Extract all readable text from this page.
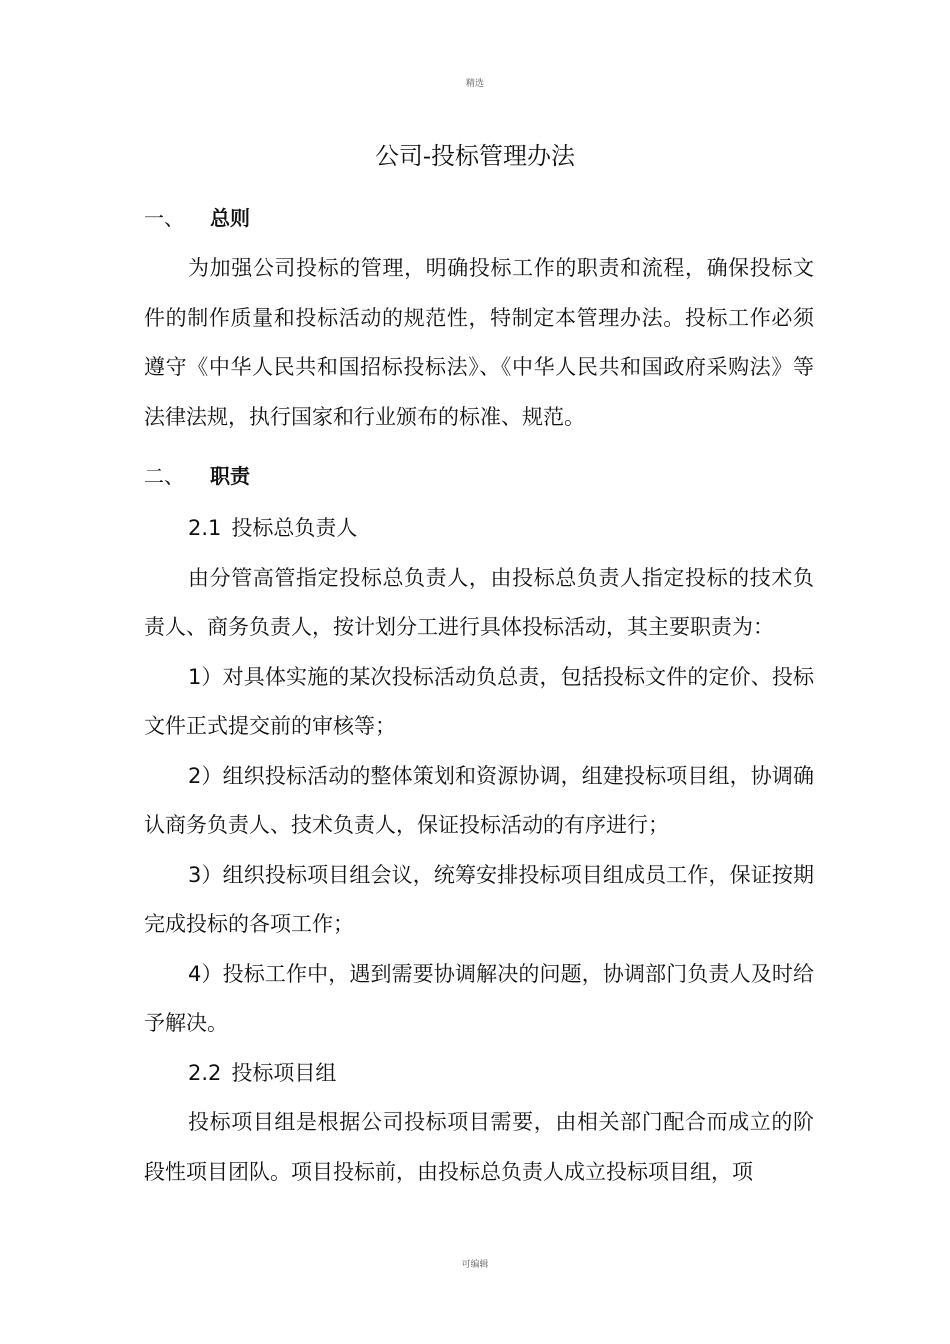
精选
公司-投标管理办法
一、	总则

为加强公司投标的管理，明确投标工作的职责和流程，确保投标文件的制作质量和投标活动的规范性，特制定本管理办法。投标工作必须遵守《中华人民共和国招标投标法》、《中华人民共和国政府采购法》等法律法规，执行国家和行业颁布的标准、规范。

二、	职责

2.1 投标总负责人

由分管高管指定投标总负责人，由投标总负责人指定投标的技术负责人、商务负责人，按计划分工进行具体投标活动，其主要职责为：

1）对具体实施的某次投标活动负总责，包括投标文件的定价、投标文件正式提交前的审核等；

2）组织投标活动的整体策划和资源协调，组建投标项目组，协调确认商务负责人、技术负责人，保证投标活动的有序进行；

3）组织投标项目组会议，统筹安排投标项目组成员工作，保证按期完成投标的各项工作；

4）投标工作中，遇到需要协调解决的问题，协调部门负责人及时给予解决。

2.2 投标项目组

投标项目组是根据公司投标项目需要，由相关部门配合而成立的阶段性项目团队。项目投标前，由投标总负责人成立投标项目组，项

可编辑
